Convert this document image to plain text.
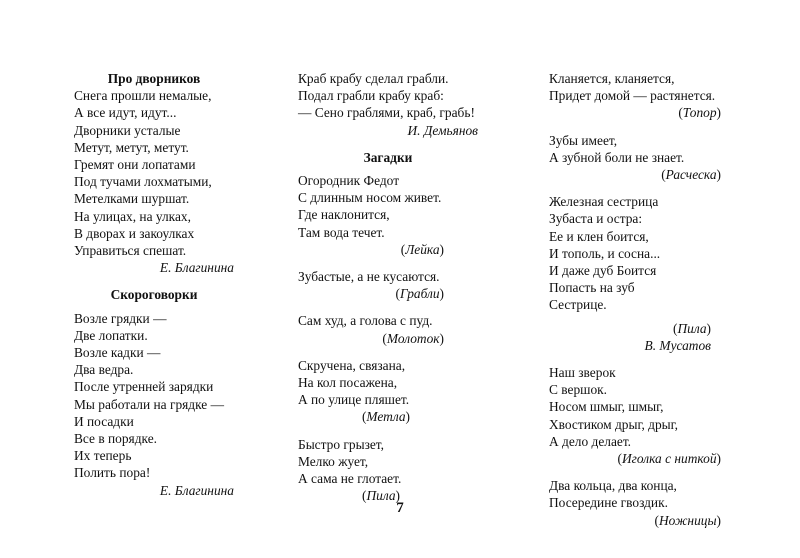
Про дворников
Снега прошли немалые,
А все идут, идут...
Дворники усталые
Метут, метут, метут.
Гремят они лопатами
Под тучами лохматыми,
Метелками шуршат.
На улицах, на улках,
В дворах и закоулках
Управиться спешат.
Е. Благинина
Скороговорки
Возле грядки —
Две лопатки.
Возле кадки —
Два ведра.
После утренней зарядки
Мы работали на грядке —
И посадки
Все в порядке.
Их теперь
Полить пора!
Е. Благинина
Краб крабу сделал грабли.
Подал грабли крабу краб:
— Сено граблями, краб, грабь!
И. Демьянов
Загадки
Огородник Федот
С длинным носом живет.
Где наклонится,
Там вода течет.
(Лейка)
Зубастые, а не кусаются.
(Грабли)
Сам худ, а голова с пуд.
(Молоток)
Скручена, связана,
На кол посажена,
А по улице пляшет.
(Метла)
Быстро грызет,
Мелко жует,
А сама не глотает.
(Пила)
Кланяется, кланяется,
Придет домой — растянется.
(Топор)
Зубы имеет,
А зубной боли не знает.
(Расческа)
Железная сестрица
Зубаста и остра:
Ее и клен боится,
И тополь, и сосна...
И даже дуб Боится
Попасть на зуб
Сестрице.
(Пила)
В. Мусатов
Наш зверок
С вершок.
Носом шмыг, шмыг,
Хвостиком дрыг, дрыг,
А дело делает.
(Иголка с ниткой)
Два кольца, два конца,
Посередине гвоздик.
(Ножницы)
7
